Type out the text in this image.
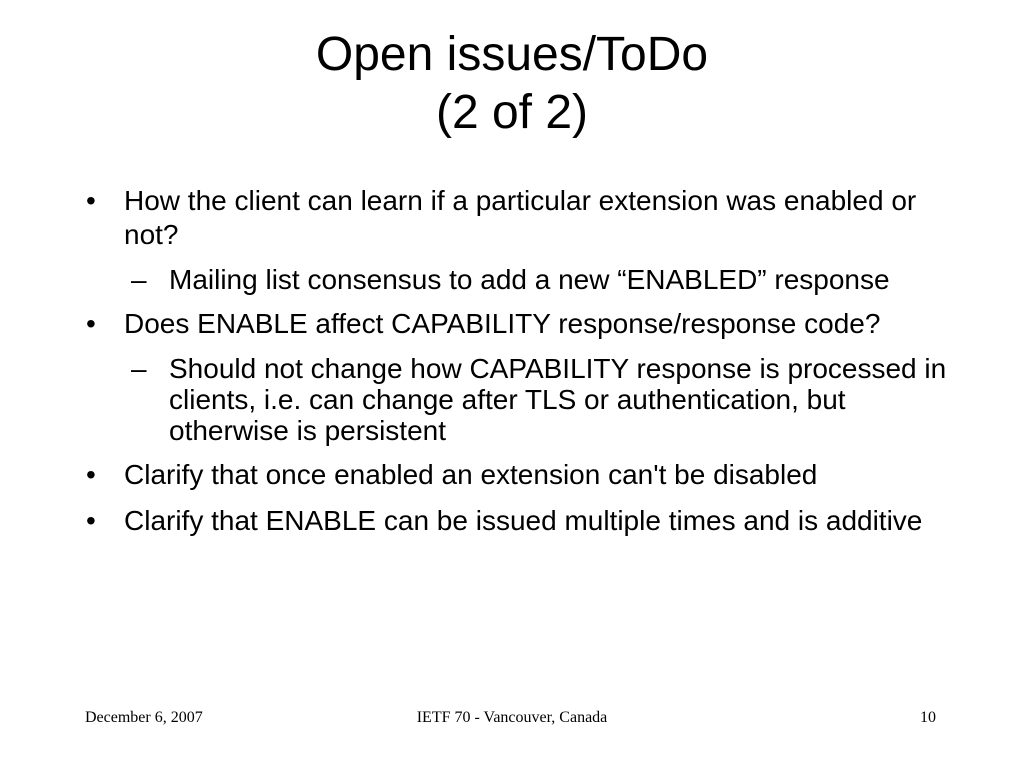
Open issues/ToDo
(2 of 2)
•	How the client can learn if a particular extension was enabled or not?
– Mailing list consensus to add a new “ENABLED” response
•	Does ENABLE affect CAPABILITY response/response code?
– Should not change how CAPABILITY response is processed in clients, i.e. can change after TLS or authentication, but otherwise is persistent
•	Clarify that once enabled an extension can't be disabled
•	Clarify that ENABLE can be issued multiple times and is additive
December 6, 2007	IETF 70 - Vancouver, Canada	10
